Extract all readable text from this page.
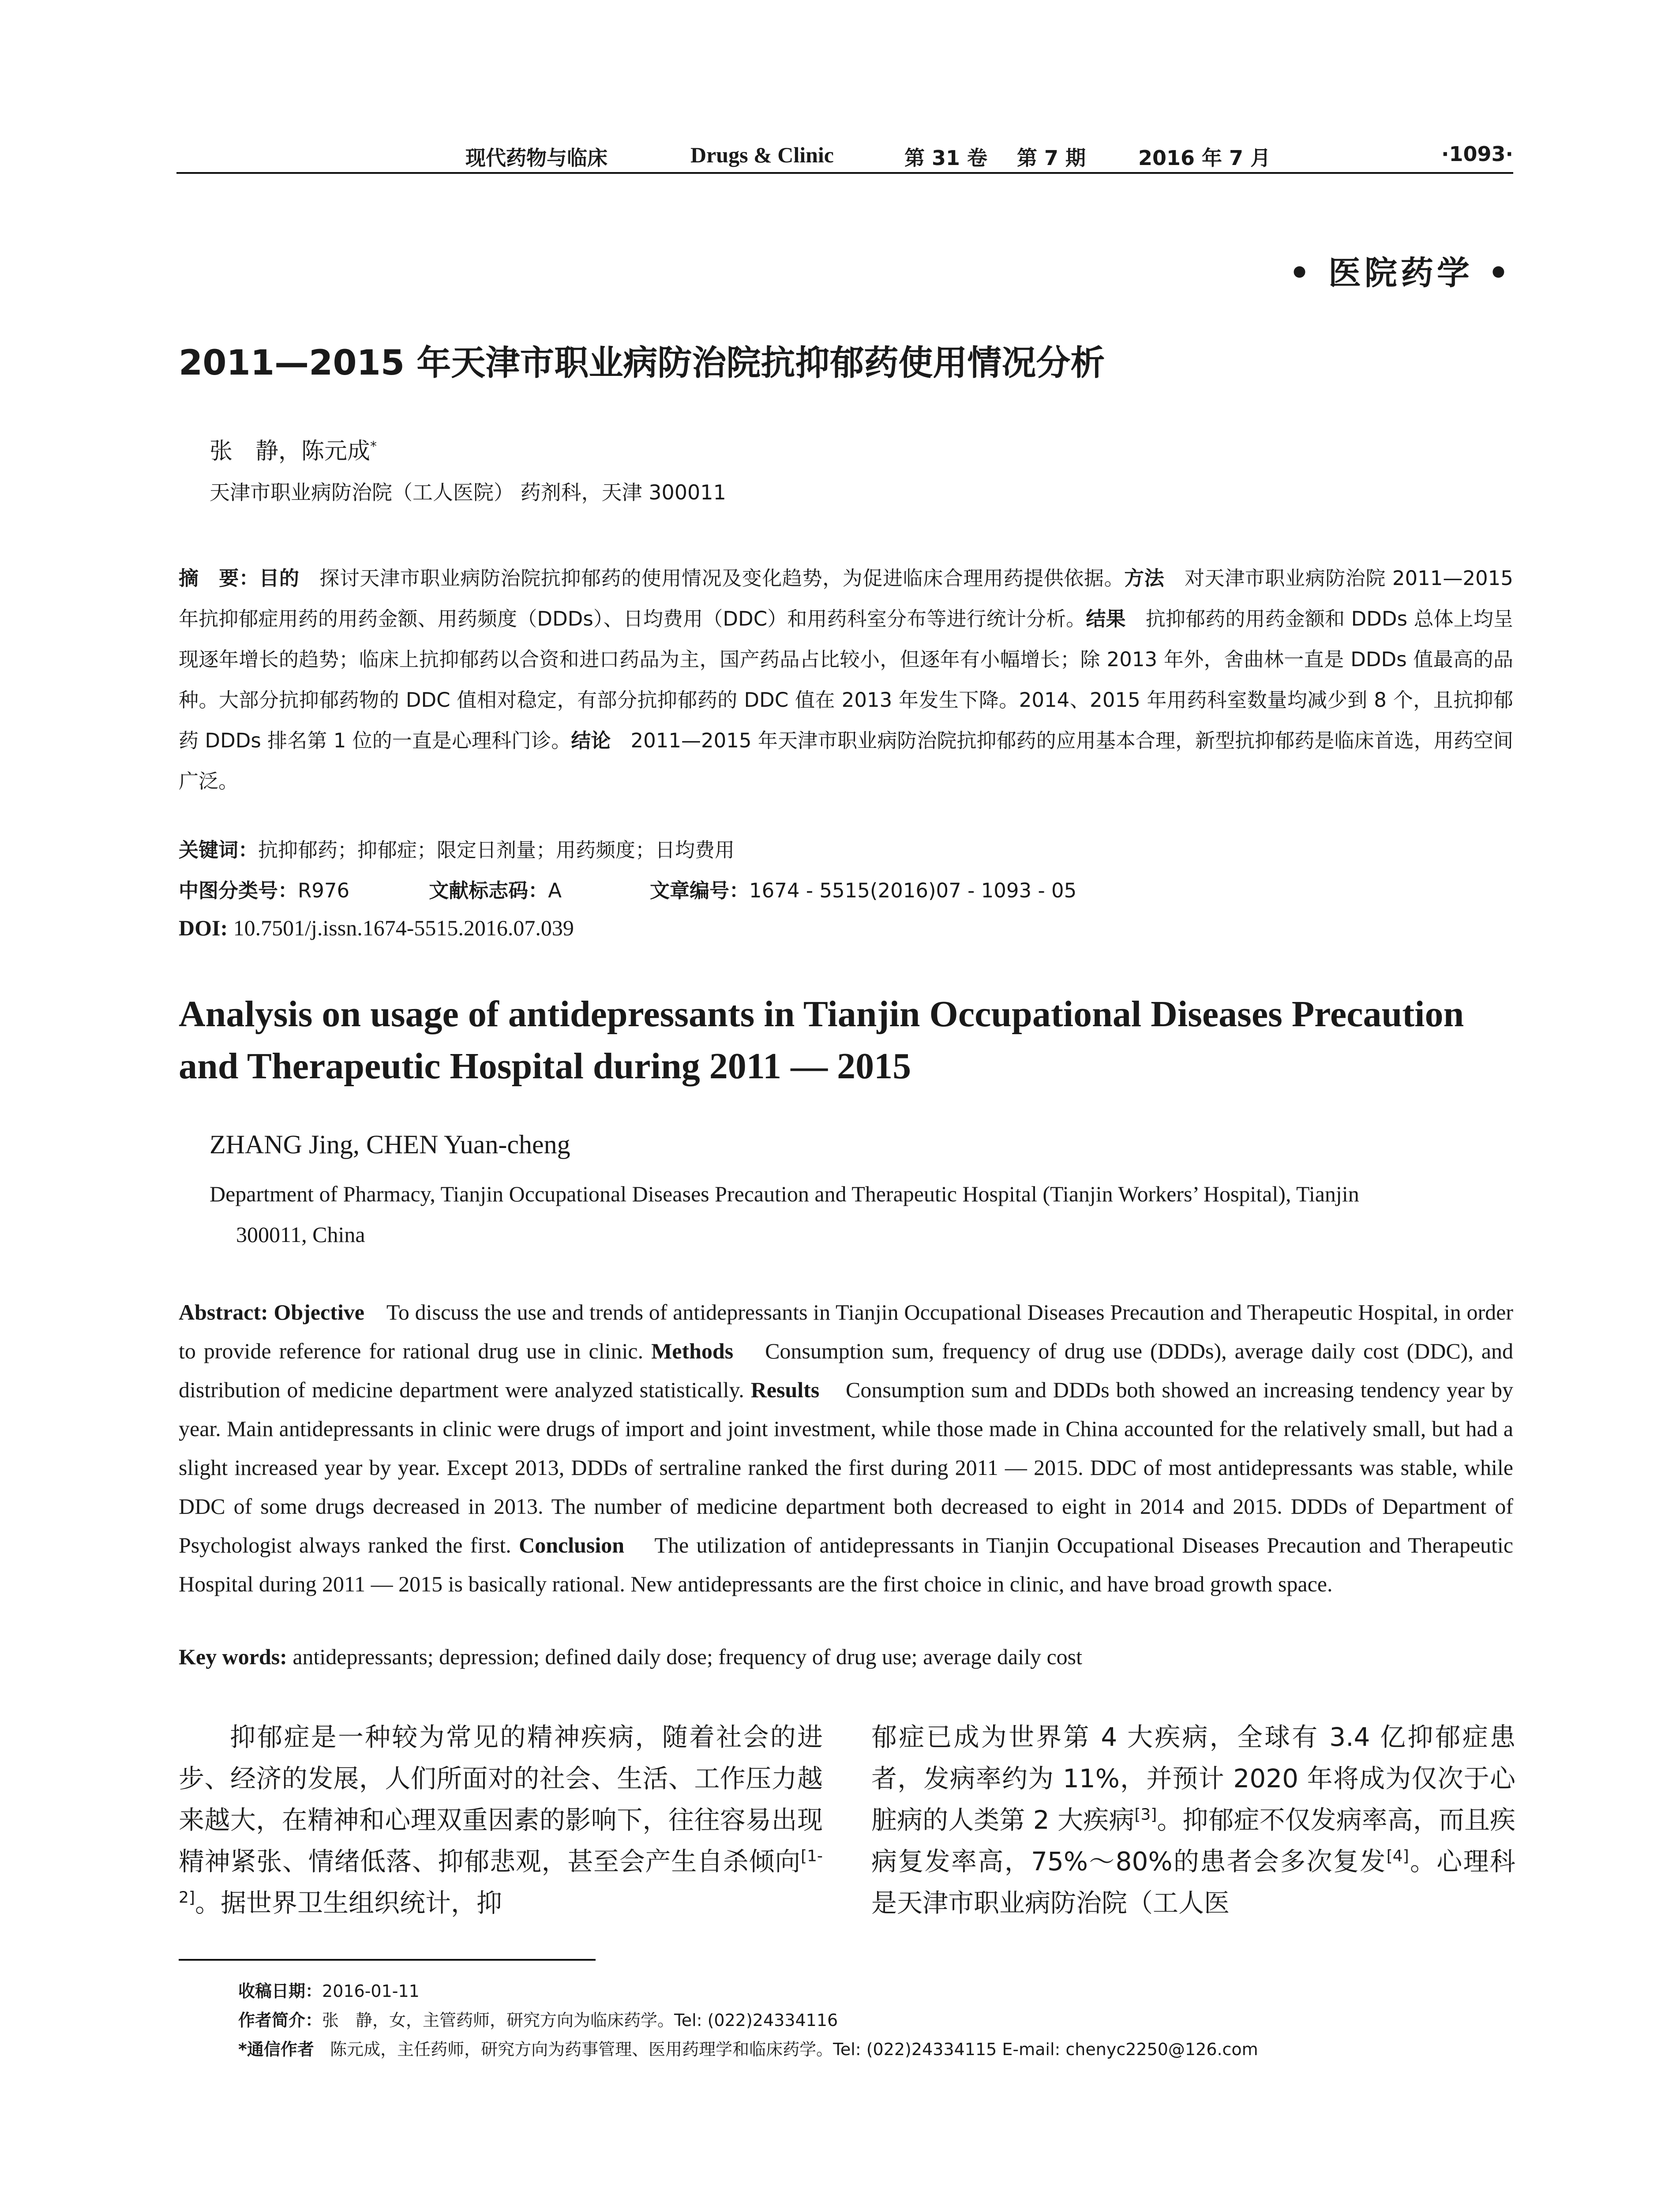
现代药物与临床	Drugs & Clinic	第 31 卷 第 7 期	2016 年 7 月	·1093·
• 医院药学 •
2011—2015 年天津市职业病防治院抗抑郁药使用情况分析
张　静，陈元成*
天津市职业病防治院（工人医院） 药剂科，天津 300011
摘　要：目的　 探讨天津市职业病防治院抗抑郁药的使用情况及变化趋势，为促进临床合理用药提供依据。方法　 对天津市职业病防治院 2011—2015 年抗抑郁症用药的用药金额、用药频度（DDDs）、日均费用（DDC）和用药科室分布等进行统计分析。结果　 抗抑郁药的用药金额和 DDDs 总体上均呈现逐年增长的趋势；临床上抗抑郁药以合资和进口药品为主，国产药品占比较小，但逐年有小幅增长；除 2013 年外，舍曲林一直是 DDDs 值最高的品种。大部分抗抑郁药物的 DDC 值相对稳定，有部分抗抑郁药的 DDC 值在 2013 年发生下降。2014、2015 年用药科室数量均减少到 8 个，且抗抑郁药 DDDs 排名第 1 位的一直是心理科门诊。结论　 2011—2015 年天津市职业病防治院抗抑郁药的应用基本合理，新型抗抑郁药是临床首选，用药空间广泛。
关键词：抗抑郁药；抑郁症；限定日剂量；用药频度；日均费用
中图分类号：R976	文献标志码：A	文章编号：1674 - 5515(2016)07 - 1093 - 05
DOI: 10.7501/j.issn.1674-5515.2016.07.039
Analysis on usage of antidepressants in Tianjin Occupational Diseases Precaution and Therapeutic Hospital during 2011 — 2015
ZHANG Jing, CHEN Yuan-cheng
Department of Pharmacy, Tianjin Occupational Diseases Precaution and Therapeutic Hospital (Tianjin Workers’ Hospital), Tianjin
300011, China
Abstract: Objective To discuss the use and trends of antidepressants in Tianjin Occupational Diseases Precaution and Therapeutic Hospital, in order to provide reference for rational drug use in clinic. Methods Consumption sum, frequency of drug use (DDDs), average daily cost (DDC), and distribution of medicine department were analyzed statistically. Results Consumption sum and DDDs both showed an increasing tendency year by year. Main antidepressants in clinic were drugs of import and joint investment, while those made in China accounted for the relatively small, but had a slight increased year by year. Except 2013, DDDs of sertraline ranked the first during 2011 — 2015. DDC of most antidepressants was stable, while DDC of some drugs decreased in 2013. The number of medicine department both decreased to eight in 2014 and 2015. DDDs of Department of Psychologist always ranked the first. Conclusion The utilization of antidepressants in Tianjin Occupational Diseases Precaution and Therapeutic Hospital during 2011 — 2015 is basically rational. New antidepressants are the first choice in clinic, and have broad growth space.
Key words: antidepressants; depression; defined daily dose; frequency of drug use; average daily cost

抑郁症是一种较为常见的精神疾病，随着社会的进步、经济的发展，人们所面对的社会、生活、工作压力越来越大，在精神和心理双重因素的影响下，往往容易出现精神紧张、情绪低落、抑郁悲观，甚至会产生自杀倾向[1-2]。据世界卫生组织统计，抑

郁症已成为世界第 4 大疾病，全球有 3.4 亿抑郁症患者，发病率约为 11%，并预计 2020 年将成为仅次于心脏病的人类第 2 大疾病[3]。抑郁症不仅发病率高，而且疾病复发率高，75%～80%的患者会多次复发[4]。心理科是天津市职业病防治院（工人医

收稿日期：2016-01-11
作者简介：张　静，女，主管药师，研究方向为临床药学。Tel: (022)24334116
*通信作者 陈元成，主任药师，研究方向为药事管理、医用药理学和临床药学。Tel: (022)24334115 E-mail: chenyc2250@126.com
